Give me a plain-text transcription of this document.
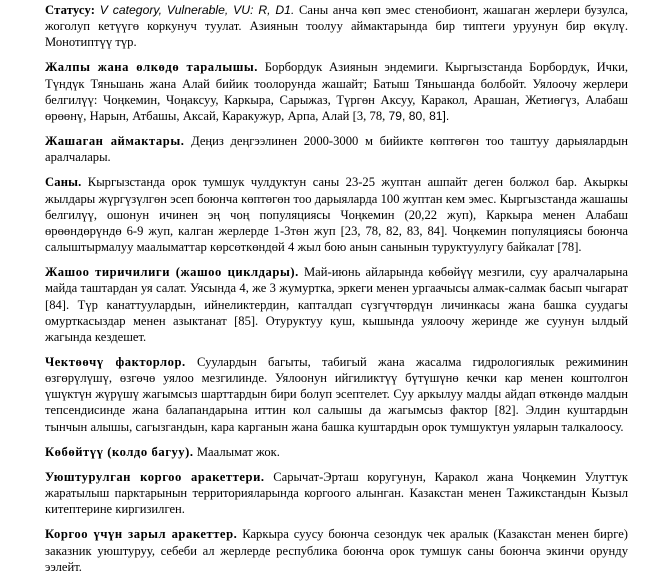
Статусу: V category, Vulnerable, VU: R, D1. Саны анча көп эмес стенобионт, жашаган жерлери бузулса, жоголуп кетүүгө коркунуч туулат. Азиянын тоолуу аймактарында бир типтеги уруунун бир өкүлү. Монотиптүү түр.

Жалпы жана өлкөдө таралышы. Борбордук Азиянын эндемиги. Кыргызстанда Борбордук, Ички, Түндүк Тяньшань жана Алай бийик тоолорунда жашайт; Батыш Тяньшанда болбойт. Уялоочу жерлери белгилүү: Чоңкемин, Чоңаксуу, Каркыра, Сарыжаз, Түргөн Аксуу, Каракол, Арашан, Жетиөгүз, Алабаш өрөөнү, Нарын, Атбашы, Аксай, Каракужур, Арпа, Алай [3, 78, 79, 80, 81].

Жашаган аймактары. Деңиз деңгээлинен 2000-3000 м бийикте көптөгөн тоо таштуу дарыялардын аралчалары.

Саны. Кыргызстанда орок тумшук чулдуктун саны 23-25 жуптан ашпайт деген болжол бар. Акыркы жылдары жүргүзүлгөн эсеп боюнча көптөгөн тоо дарыяларда 100 жуптан кем эмес. Кыргызстанда жашашы белгилүү, ошонун ичинен эң чоң популяциясы Чоңкемин (20,22 жуп), Каркыра менен Алабаш өрөөндөрүндө 6-9 жуп, калган жерлерде 1-3төн жуп [23, 78, 82, 83, 84]. Чоңкемин популяциясы боюнча салыштырмалуу маалыматтар көрсөткөндөй 4 жыл бою анын санынын туруктуулугу байкалат [78].

Жашоо тиричилиги (жашоо циклдары). Май-июнь айларында көбөйүү мезгили, суу аралчаларына майда таштардан уя салат. Уясында 4, же 3 жумуртка, эркеги менен ургаачысы алмак-салмак басып чыгарат [84]. Түр канаттуулардын, ийнеликтердин, капталдап сүзгүчтөрдүн личинкасы жана башка суудагы омурткасыздар менен азыктанат [85]. Отуруктуу куш, кышында уялоочу жеринде же суунун ылдый жагында кездешет.

Чектөөчү факторлор. Суулардын багыты, табигый жана жасалма гидрологиялык режиминин өзгөрүлүшү, өзгөчө уялоо мезгилинде. Уялоонун ийгиликтүү бүтүшүнө кечки кар менен коштолгон үшүктүн жүрүшү жагымсыз шарттардын бири болуп эсептелет. Суу аркылуу малды айдап өткөндө малдын тепсендисинде жана балапандарына иттин кол салышы да жагымсыз фактор [82]. Элдин куштардын тынчын алышы, сагызгандын, кара карганын жана башка куштардын орок тумшуктун уяларын талкалоосу.

Көбөйтүү (колдо багуу). Маалымат жок.

Уюштурулган коргоо аракеттери. Сарычат-Эрташ коругунун, Каракол жана Чоңкемин Улуттук жаратылыш парктарынын территорияларында коргоого алынган. Казакстан менен Тажикстандын Кызыл китептерине киргизилген.

Коргоо үчүн зарыл аракеттер. Каркыра суусу боюнча сезондук чек аралык (Казакстан менен бирге) заказник уюштуруу, себеби ал жерлерде республика боюнча орок тумшук саны боюнча экинчи орунду ээлейт.
